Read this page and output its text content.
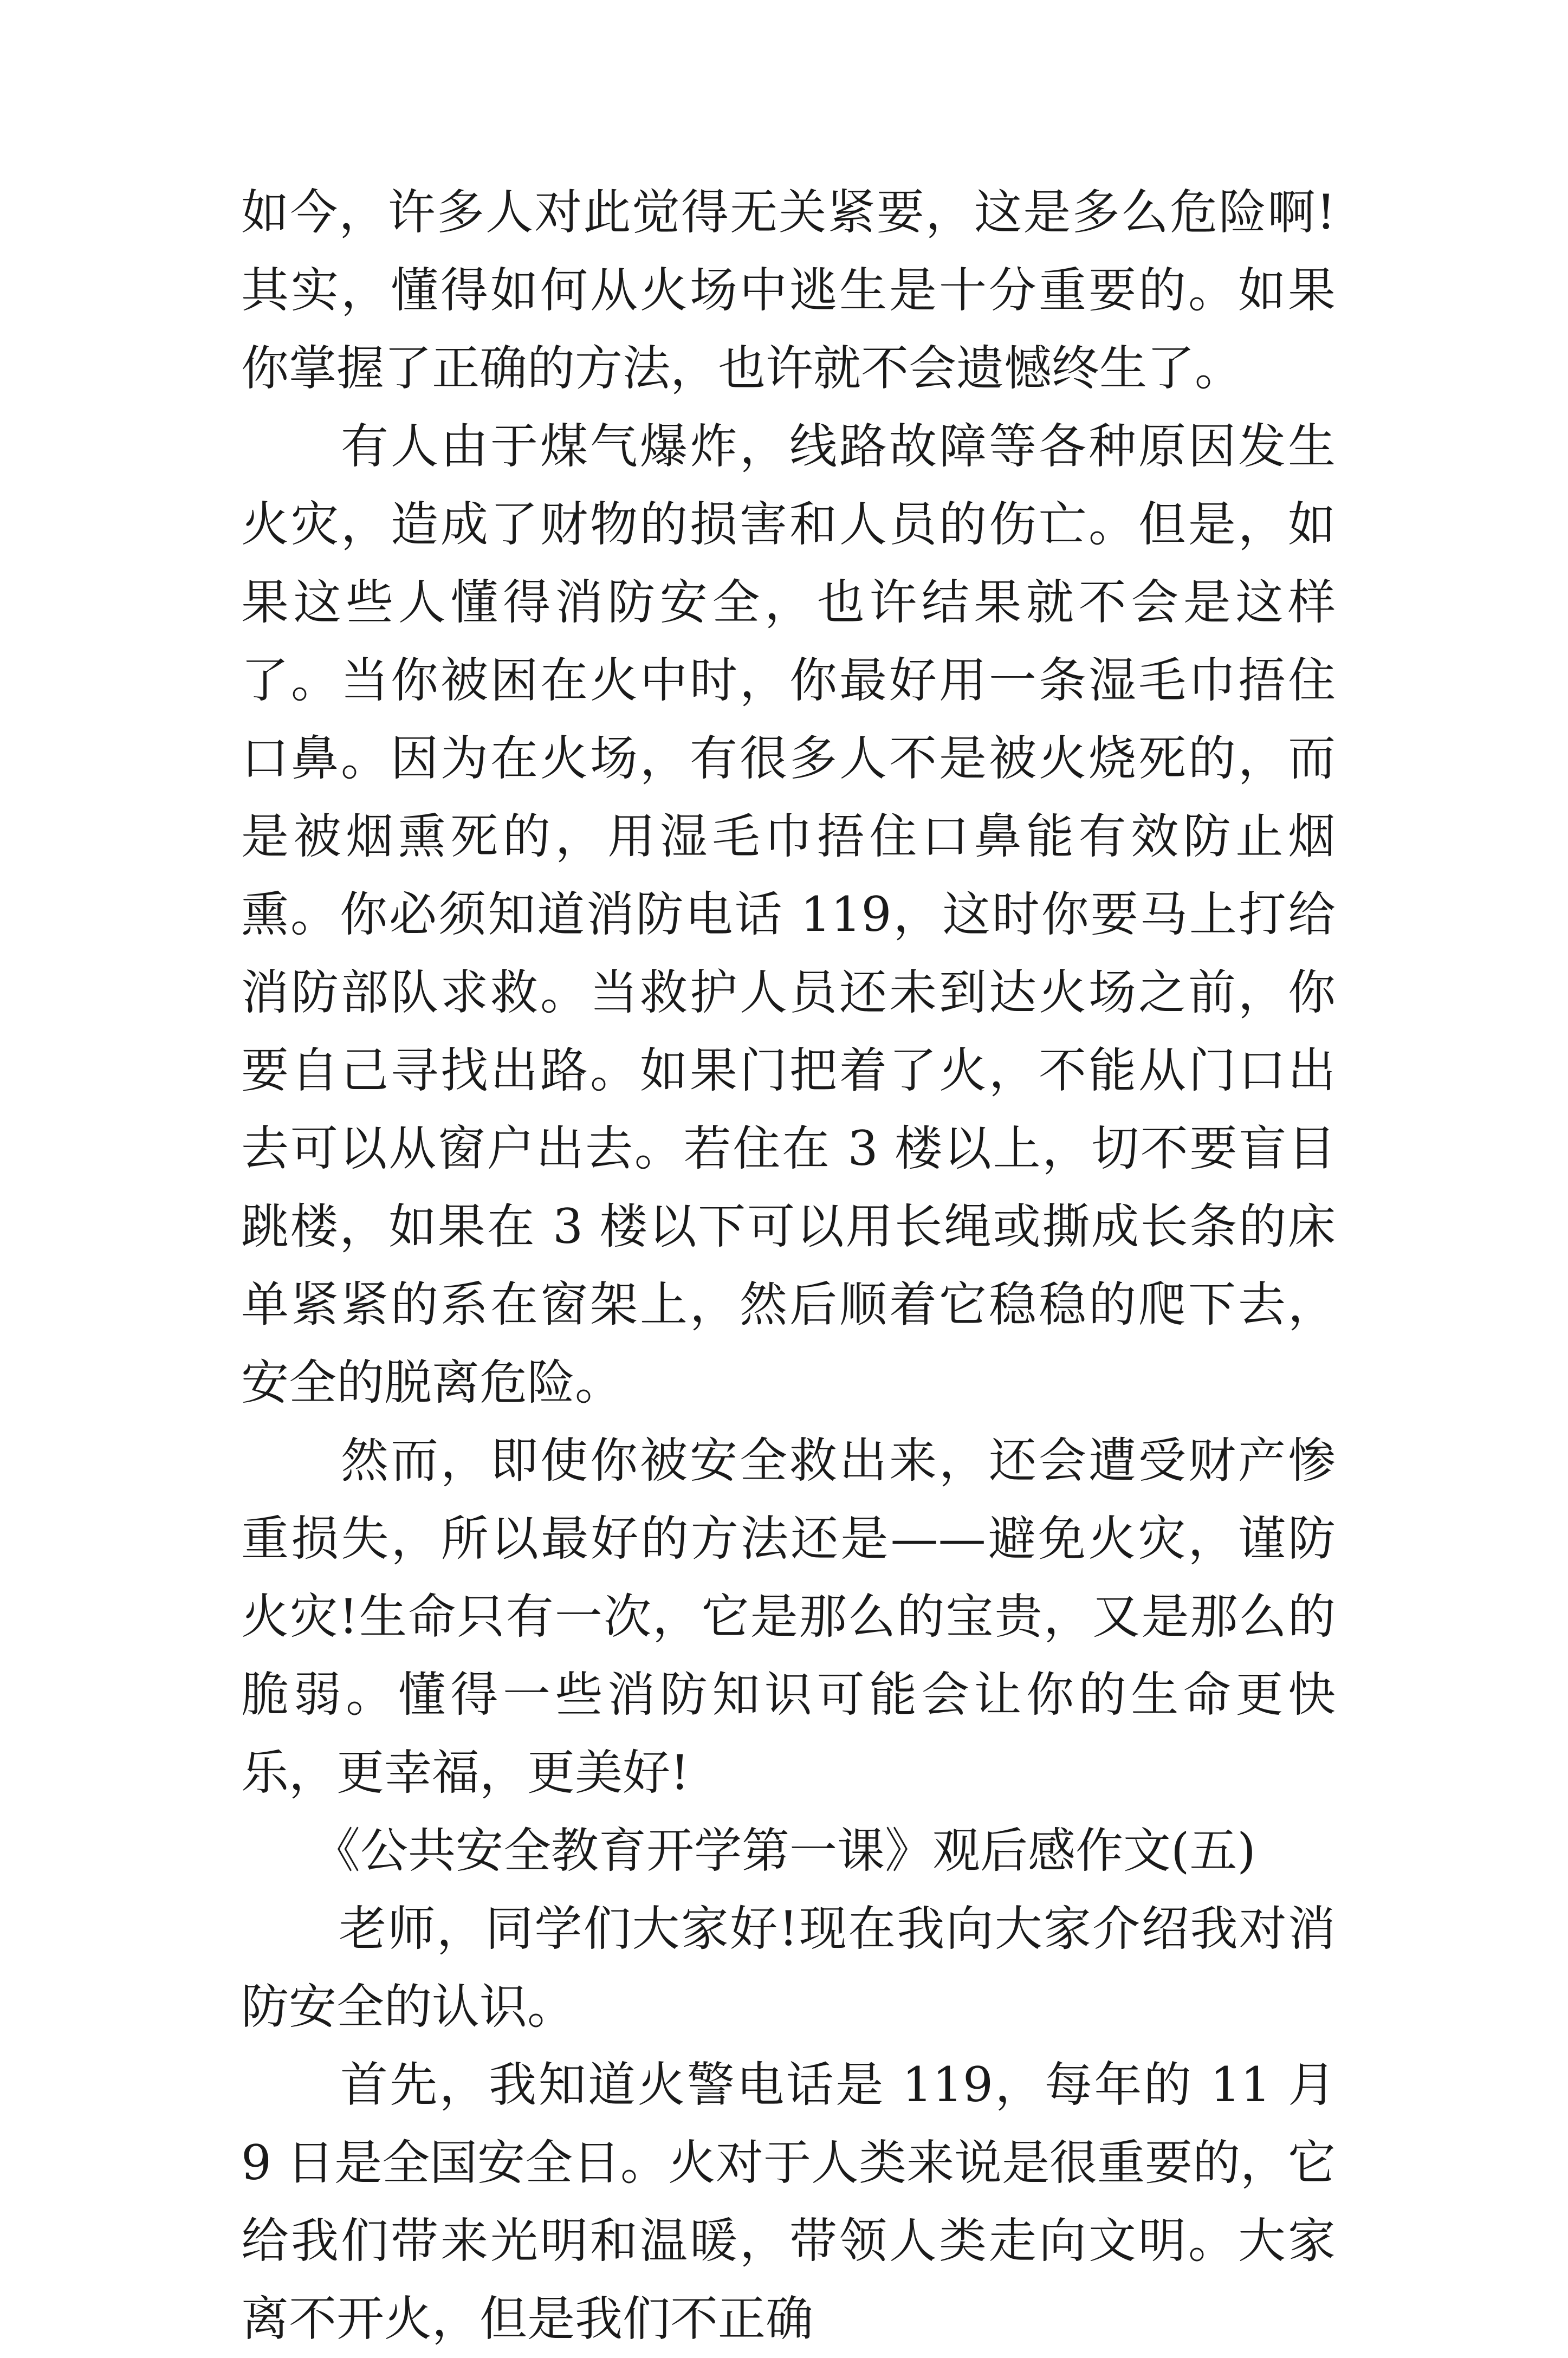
如今，许多人对此觉得无关紧要，这是多么危险啊!其实，懂得如何从火场中逃生是十分重要的。如果你掌握了正确的方法，也许就不会遗憾终生了。

　　有人由于煤气爆炸，线路故障等各种原因发生火灾，造成了财物的损害和人员的伤亡。但是，如果这些人懂得消防安全，也许结果就不会是这样了。当你被困在火中时，你最好用一条湿毛巾捂住口鼻。因为在火场，有很多人不是被火烧死的，而是被烟熏死的，用湿毛巾捂住口鼻能有效防止烟熏。你必须知道消防电话 119，这时你要马上打给消防部队求救。当救护人员还未到达火场之前，你要自己寻找出路。如果门把着了火，不能从门口出去可以从窗户出去。若住在 3 楼以上，切不要盲目跳楼，如果在 3 楼以下可以用长绳或撕成长条的床单紧紧的系在窗架上，然后顺着它稳稳的爬下去，安全的脱离危险。

　　然而，即使你被安全救出来，还会遭受财产惨重损失，所以最好的方法还是——避免火灾，谨防火灾!生命只有一次，它是那么的宝贵，又是那么的脆弱。懂得一些消防知识可能会让你的生命更快乐，更幸福，更美好!

　　《公共安全教育开学第一课》观后感作文(五)

　　老师，同学们大家好!现在我向大家介绍我对消防安全的认识。

　　首先，我知道火警电话是 119，每年的 11 月 9 日是全国安全日。火对于人类来说是很重要的，它给我们带来光明和温暖，带领人类走向文明。大家离不开火，但是我们不正确
